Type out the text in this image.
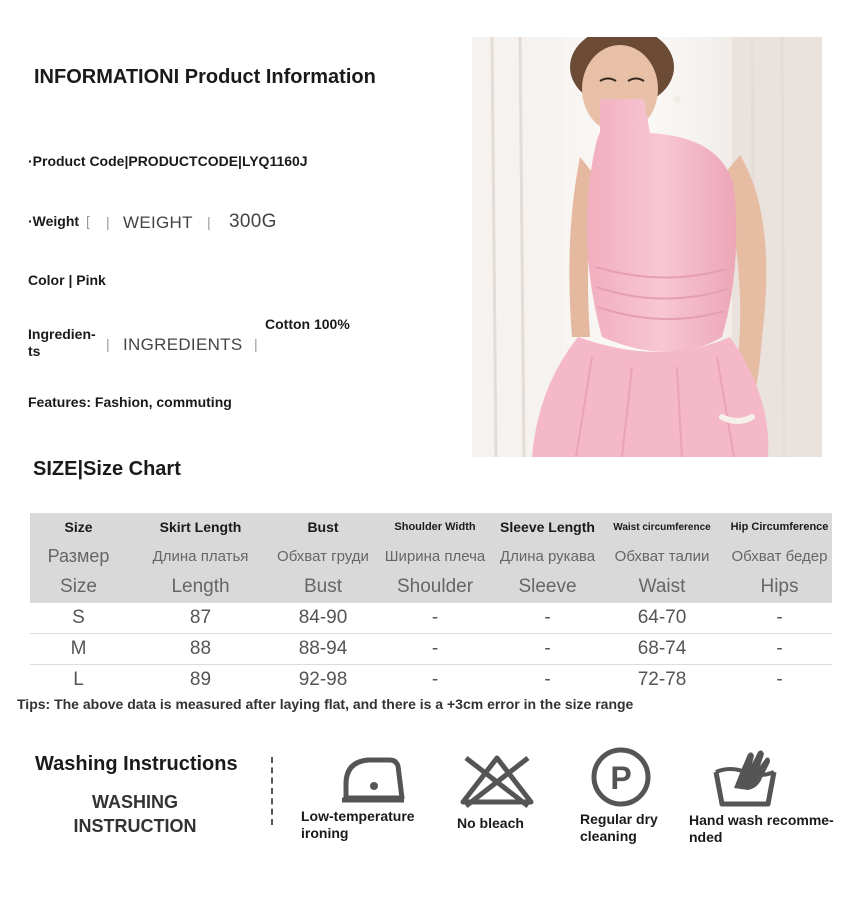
INFORMATIONI Product Information
·Product Code|PRODUCTCODE|LYQ1160J
·Weight [ | WEIGHT | 300G
Color | Pink
Ingredien-
ts	| INGREDIENTS |
Cotton 100%
Features: Fashion, commuting
SIZE|Size Chart
Size	Skirt Length	Bust	Shoulder Width	Sleeve Length	Waist circumference	Hip Circumference
Размер	Длина платья	Обхват груди	Ширина плеча	Длина рукава	Обхват талии	Обхват бедер
Size	Length	Bust	Shoulder	Sleeve	Waist	Hips
S	87	84-90	-	-	64-70	-
M	88	88-94	-	-	68-74	-
L	89	92-98	-	-	72-78	-
Tips: The above data is measured after laying flat, and there is a +3cm error in the size range
Washing Instructions
WASHING
INSTRUCTION	Low-temperature
ironing
No bleach
P
Regular dry
cleaning
Hand wash recomme-
nded
